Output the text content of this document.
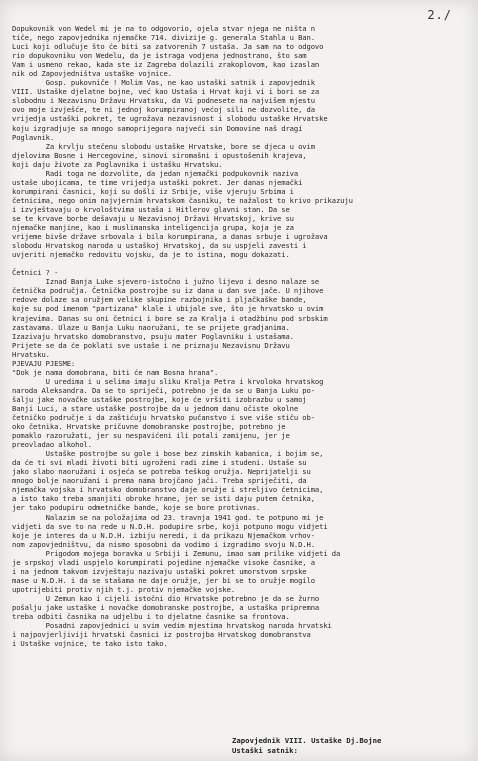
2./
Dopukovnik von Wedel mi je na to odgovorio, ojela stvar njega ne ništa n
tiče, nego zapovjednika njemačke 714. divizije g. generala Stahla u Ban.
Luci koji odlučuje što će biti sa zatvorenih 7 ustaša. Ja sam na to odgovo
rio dopukovniku von Wedelu, da je istraga vodjena jednostrano, što sam
Vam i usmeno rekao, kada ste iz Zagreba dolazili zrakoplovom, kao izaslan
nik od Zapovjedništva ustaške vojnice.
Gosp. pukovniče ! Molim Vas, ne kao ustaški satnik i zapovjednik
VIII. Ustaške djelatne bojne, već kao Ustaša i Hrvat koji vi i bori se za
slobodnu i Nezavisnu Državu Hrvatsku, da Vi podnesete na najvišem mjestu
ovo moje izvješće, te ni jednoj korumpiranoj većoj sili ne dozvolite, da
vrijedja ustaški pokret, te ugrožava nezavisnost i slobodu ustaške Hrvatske
koju izgradjuje sa mnogo samoprijegora najveći sin Domovine naš dragi
Poglavnik.
Za krvlju stečenu slobodu ustaške Hrvatske, bore se djeca u ovim
djelovima Bosne i Hercegovine, sinovi siromašni i opustošenih krajeva,
koji daju živote za Poglavnika i ustašku Hrvatsku.
Radi toga ne dozvolite, da jedan njemački podpukovnik naziva
ustaše ubojicama, te time vrijedja ustaški pokret. Jer danas njemački
korumpirani časnici, koji su došli iz Srbije, više vjeruju Srbima i
četnicima, nego onim najvjernim hrvatskom časniku, te nažalost to krivo prikazuju
i izvještavaju o krvološtvima ustaša i Hitlerov glavni stan. Da se
se te krvave borbe dešavaju u Nezavisnoj Državi Hrvatskoj, krive su
njemačke manjine, kao i muslimanska inteligencija grupa, koja je za
vrijeme bivše države srbovala i bila korumpirana, a danas srbuje i ugrožava
slobodu Hrvatskog naroda u ustaškoj Hrvatskoj, da su uspjeli zavesti i
uvjeriti njemačko redovitu vojsku, da je to istina, mogu dokazati.
Četnici ? -
Iznad Banja Luke sjevero-istočno i južno lijevo i desno nalaze se
četnička područja. Četnička postrojbe su iz dana u dan sve jače. U njihove
redove dolaze sa oružjem velike skupine razbojnika i pljačkaške bande,
koje su pod imenom "partizana" klale i ubijale sve, što je hrvatsko u ovim
krajevima. Danas su oni četnici i bore se za Kralja i otadžbinu pod srbskim
zastavama. Ulaze u Banja Luku naoružani, te se prijete gradjanima.
Izazivaju hrvatsko domobranstvo, psuju mater Poglavniku i ustašama.
Prijete se da će poklati sve ustaše i ne priznaju Nezavisnu Državu
Hrvatsku.
PJEVAJU PJESME:
"Dok je nama domobrana, biti će nam Bosna hrana".
U uredima i u selima imaju sliku Kralja Petra i krvoloka hrvatskog
naroda Aleksandra. Da se to spriječi, potrebno je da se u Banja Luku po-
šalju jake novačke ustaške postrojbe, koje će vršiti izobrazbu u samoj
Banji Luci, a stare ustaške postrojbe da u jednom danu očiste okolne
četničko područje i da zaštićuju hrvatsko pučanstvo i sve više stiču ob-
oko četnika. Hrvatske pričuvne domobranske postrojbe, potrebno je
pomaklo razoružati, jer su nespavićeni ili potali zamijenu, jer je
preovladao alkohol.
Ustaške postrojbe su gole i bose bez zimskih kabanica, i bojim se,
da će ti svi mladi životi biti ugroženi radi zime i studeni. Ustaše su
jako slabo naoružani i osjeća se potreba teškog oružja. Neprijatelji su
mnogo bolje naoružani i prema nama brojčano jači. Treba spriječiti, da
njemačka vojska i hrvatsko domobranstvo daje oružje i streljivo četnicima,
a isto tako treba smanjiti obroke hrane, jer se isti daju putem četnika,
jer tako podupiru odmetničke bande, koje se bore protivnas.
Nalazim se na položajima od 23. travnja 1941 god. te potpuno mi je
vidjeti da sve to na rede u N.D.H. podupire srbe, koji potpuno mogu vidjeti
koje je interes da u N.D.H. izbiju neredi, i da prikazu Njemačkom vrhov-
nom zapovjedništvu, da nismo sposobni da vodimo i izgradimo svoju N.D.H.
Prigodom mojega boravka u Srbiji i Zemunu, imao sam prilike vidjeti da
je srpskoj vladi uspjelo korumpirati pojedine njemačke visoke časnike, a
i na jednom takvom izvještaju nazivaju ustaški pokret umorstvom srpske
mase u N.D.H. i da se stašama ne daje oružje, jer bi se to oružje mogilo
upotrijebiti protiv njih t.j. protiv njemačke vojske.
U Zemun kao i cijeli istočni dio Hrvatske potrebno je da se žurno
pošalju jake ustaške i novačke domobranske postrojbe, a ustaška pripremna
treba odbiti časnika na udjelbu i to djelatne časnike sa frontova.
Posadni zapovjednici u svim vedim mjestima hrvatskog naroda hrvatski
i najpovjerljiviji hrvatski časnici iz postrojba Hrvatskog domobranstva
i Ustaške vojnice, te tako isto tako.
Zapovjednik VIII. Ustaške Dj.Bojne
Ustaški satnik:
